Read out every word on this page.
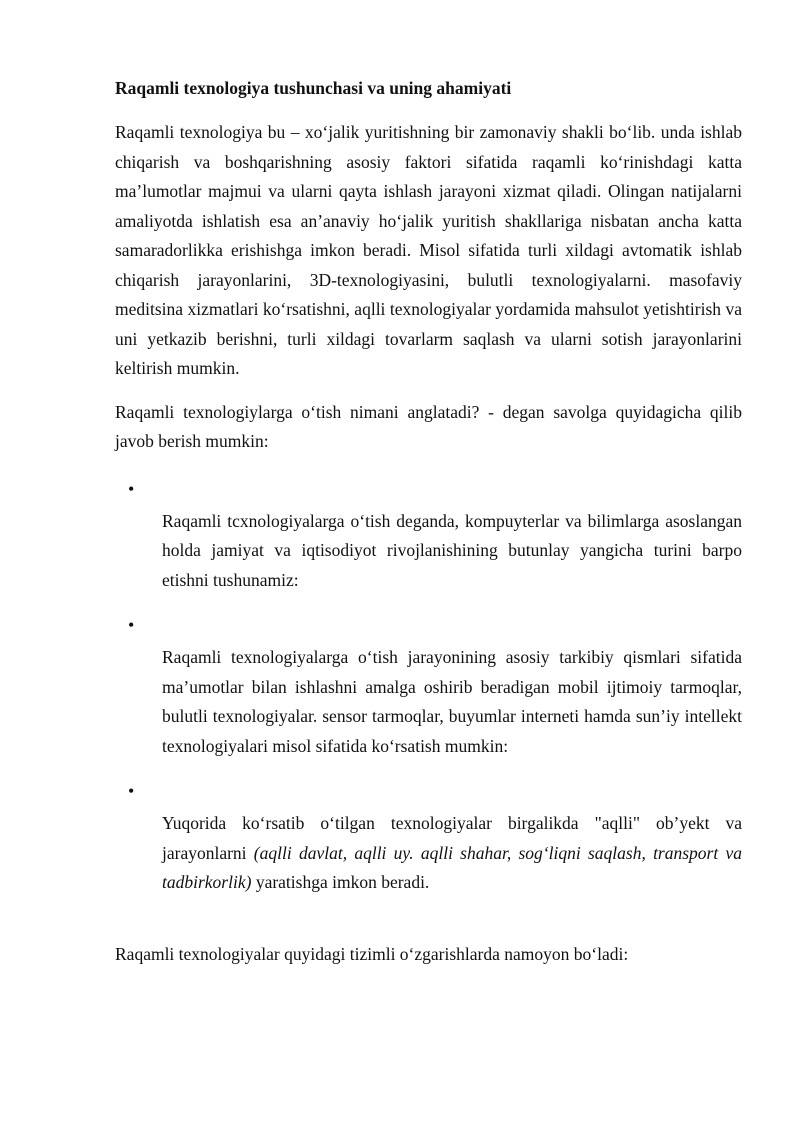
Raqamli texnologiya tushunchasi va uning ahamiyati

Raqamli texnologiya bu – xo‘jalik yuritishning bir zamonaviy shakli bo‘lib. unda ishlab chiqarish va boshqarishning asosiy faktori sifatida raqamli ko‘rinishdagi katta ma’lumotlar majmui va ularni qayta ishlash jarayoni xizmat qiladi. Olingan natijalarni amaliyotda ishlatish esa an’anaviy ho‘jalik yuritish shakllariga nisbatan ancha katta samaradorlikka erishishga imkon beradi. Misol sifatida turli xildagi avtomatik ishlab chiqarish jarayonlarini, 3D-texnologiyasini, bulutli texnologiyalarni. masofaviy meditsina xizmatlari ko‘rsatishni, aqlli texnologiyalar yordamida mahsulot yetishtirish va uni yetkazib berishni, turli xildagi tovarlarm saqlash va ularni sotish jarayonlarini keltirish mumkin.

Raqamli texnologiylarga o‘tish nimani anglatadi? - degan savolga quyidagicha qilib javob berish mumkin:

•
Raqamli tcxnologiyalarga o‘tish deganda, kompuyterlar va bilimlarga asoslangan holda jamiyat va iqtisodiyot rivojlanishining butunlay yangicha turini barpo etishni tushunamiz:
•
Raqamli texnologiyalarga o‘tish jarayonining asosiy tarkibiy qismlari sifatida ma’umotlar bilan ishlashni amalga oshirib beradigan mobil ijtimoiy tarmoqlar, bulutli texnologiyalar. sensor tarmoqlar, buyumlar interneti hamda sun’iy intellekt texnologiyalari misol sifatida ko‘rsatish mumkin:
•
Yuqorida ko‘rsatib o‘tilgan texnologiyalar birgalikda "aqlli" ob’yekt va jarayonlarni (aqlli davlat, aqlli uy. aqlli shahar, sog‘liqni saqlash, transport va tadbirkorlik) yaratishga imkon beradi.

Raqamli texnologiyalar quyidagi tizimli o‘zgarishlarda namoyon bo‘ladi:
